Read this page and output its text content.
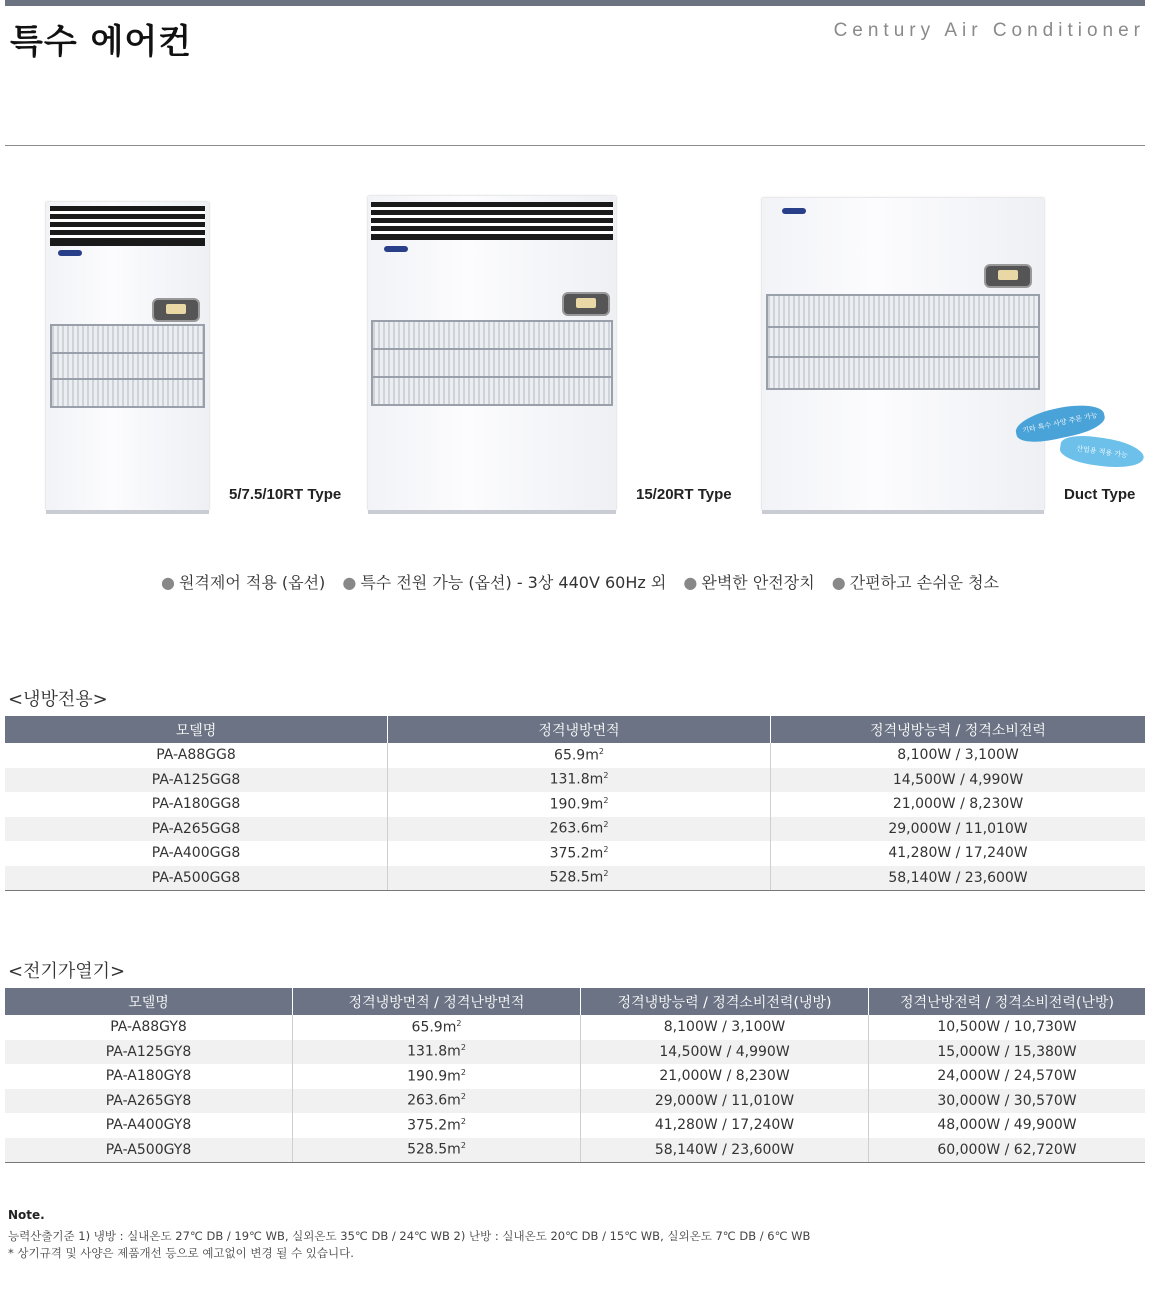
특수 에어컨	Century Air Conditioner
5/7.5/10RT Type	15/20RT Type
기타 특수 사양 주문 가능
산업용 적용 가능
Duct Type
● 원격제어 적용 (옵션) ● 특수 전원 가능 (옵션) - 3상 440V 60Hz 외 ● 완벽한 안전장치 ● 간편하고 손쉬운 청소
<냉방전용>
모델명	정격냉방면적	정격냉방능력 / 정격소비전력
PA-A88GG8	$65.9m^2$	8,100W / 3,100W
PA-A125GG8	$131.8m^2$	14,500W / 4,990W
PA-A180GG8	$190.9m^2$	21,000W / 8,230W
PA-A265GG8	$263.6m^2$	29,000W / 11,010W
PA-A400GG8	$375.2m^2$	41,280W / 17,240W
PA-A500GG8	$528.5m^2$	58,140W / 23,600W
<전기가열기>
모델명	정격냉방면적 / 정격난방면적	정격냉방능력 / 정격소비전력(냉방)	정격난방전력 / 정격소비전력(난방)
PA-A88GY8	$65.9m^2$	8,100W / 3,100W	10,500W / 10,730W
PA-A125GY8	$131.8m^2$	14,500W / 4,990W	15,000W / 15,380W
PA-A180GY8	$190.9m^2$	21,000W / 8,230W	24,000W / 24,570W
PA-A265GY8	$263.6m^2$	29,000W / 11,010W	30,000W / 30,570W
PA-A400GY8	$375.2m^2$	41,280W / 17,240W	48,000W / 49,900W
PA-A500GY8	$528.5m^2$	58,140W / 23,600W	60,000W / 62,720W
Note.
능력산출기준 1) 냉방 : 실내온도 27℃ DB / 19℃ WB, 실외온도 35℃ DB / 24℃ WB 2) 난방 : 실내온도 20℃ DB / 15℃ WB, 실외온도 7℃ DB / 6℃ WB
* 상기규격 및 사양은 제품개선 등으로 예고없이 변경 될 수 있습니다.
